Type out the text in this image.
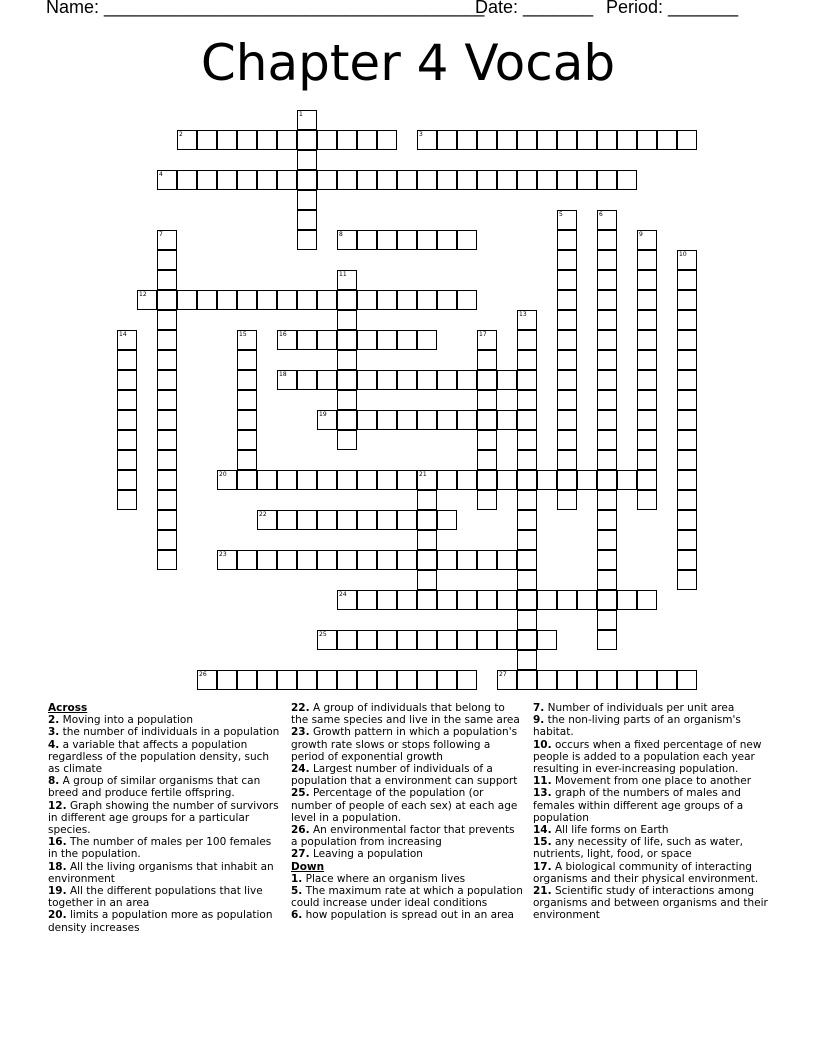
Name: ______________________________________
Date: _______ Period: _______
Chapter 4 Vocab
1
2	3
4
5	6
7	8	9
10
11
12
13
14	15	16	17
18
19
20	21
22
23
24
25
26	27
Across
2. Moving into a population
3. the number of individuals in a population
4. a variable that affects a population regardless of the population density, such as climate
8. A group of similar organisms that can breed and produce fertile offspring.
12. Graph showing the number of survivors in different age groups for a particular species.
16. The number of males per 100 females in the population.
18. All the living organisms that inhabit an environment
19. All the different populations that live together in an area
20. limits a population more as population density increases
22. A group of individuals that belong to the same species and live in the same area
23. Growth pattern in which a population's growth rate slows or stops following a period of exponential growth
24. Largest number of individuals of a population that a environment can support
25. Percentage of the population (or number of people of each sex) at each age level in a population.
26. An environmental factor that prevents a population from increasing
27. Leaving a population
Down
1. Place where an organism lives
5. The maximum rate at which a population could increase under ideal conditions
6. how population is spread out in an area
7. Number of individuals per unit area
9. the non-living parts of an organism's habitat.
10. occurs when a fixed percentage of new people is added to a population each year resulting in ever-increasing population.
11. Movement from one place to another
13. graph of the numbers of males and females within different age groups of a population
14. All life forms on Earth
15. any necessity of life, such as water, nutrients, light, food, or space
17. A biological community of interacting organisms and their physical environment.
21. Scientific study of interactions among organisms and between organisms and their environment
